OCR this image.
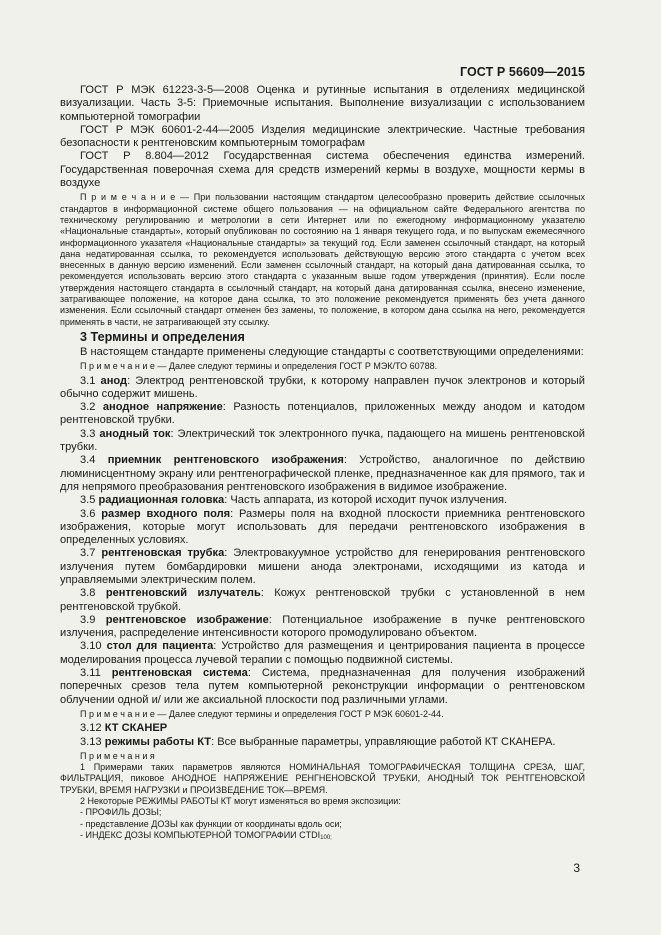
ГОСТ Р 56609—2015

ГОСТ Р МЭК 61223-3-5—2008 Оценка и рутинные испытания в отделениях медицинской визуализации. Часть 3-5: Приемочные испытания. Выполнение визуализации с использованием компьютерной томографии

ГОСТ Р МЭК 60601-2-44—2005 Изделия медицинские электрические. Частные требования безопасности к рентгеновским компьютерным томографам

ГОСТ Р 8.804—2012 Государственная система обеспечения единства измерений. Государственная поверочная схема для средств измерений кермы в воздухе, мощности кермы в воздухе

П р и м е ч а н и е — При пользовании настоящим стандартом целесообразно проверить действие ссылочных стандартов в информационной системе общего пользования — на официальном сайте Федерального агентства по техническому регулированию и метрологии в сети Интернет или по ежегодному информационному указателю «Национальные стандарты», который опубликован по состоянию на 1 января текущего года, и по выпускам ежемесячного информационного указателя «Национальные стандарты» за текущий год. Если заменен ссылочный стандарт, на который дана недатированная ссылка, то рекомендуется использовать действующую версию этого стандарта с учетом всех внесенных в данную версию изменений. Если заменен ссылочный стандарт, на который дана датированная ссылка, то рекомендуется использовать версию этого стандарта с указанным выше годом утверждения (принятия). Если после утверждения настоящего стандарта в ссылочный стандарт, на который дана датированная ссылка, внесено изменение, затрагивающее положение, на которое дана ссылка, то это положение рекомендуется применять без учета данного изменения. Если ссылочный стандарт отменен без замены, то положение, в котором дана ссылка на него, рекомендуется применять в части, не затрагивающей эту ссылку.

3 Термины и определения

В настоящем стандарте применены следующие стандарты с соответствующими определениями:

П р и м е ч а н и е — Далее следуют термины и определения ГОСТ Р МЭК/ТО 60788.

3.1 анод: Электрод рентгеновской трубки, к которому направлен пучок электронов и который обычно содержит мишень.

3.2 анодное напряжение: Разность потенциалов, приложенных между анодом и катодом рентгеновской трубки.

3.3 анодный ток: Электрический ток электронного пучка, падающего на мишень рентгеновской трубки.

3.4 приемник рентгеновского изображения: Устройство, аналогичное по действию люминисцентному экрану или рентгенографической пленке, предназначенное как для прямого, так и для непрямого преобразования рентгеновского изображения в видимое изображение.

3.5 радиационная головка: Часть аппарата, из которой исходит пучок излучения.

3.6 размер входного поля: Размеры поля на входной плоскости приемника рентгеновского изображения, которые могут использовать для передачи рентгеновского изображения в определенных условиях.

3.7 рентгеновская трубка: Электровакуумное устройство для генерирования рентгеновского излучения путем бомбардировки мишени анода электронами, исходящими из катода и управляемыми электрическим полем.

3.8 рентгеновский излучатель: Кожух рентгеновской трубки с установленной в нем рентгеновской трубкой.

3.9 рентгеновское изображение: Потенциальное изображение в пучке рентгеновского излучения, распределение интенсивности которого промодулировано объектом.

3.10 стол для пациента: Устройство для размещения и центрирования пациента в процессе моделирования процесса лучевой терапии с помощью подвижной системы.

3.11 рентгеновская система: Система, предназначенная для получения изображений поперечных срезов тела путем компьютерной реконструкции информации о рентгеновском облучении одной и/ или же аксиальной плоскости под различными углами.

П р и м е ч а н и е — Далее следуют термины и определения ГОСТ Р МЭК 60601-2-44.

3.12 КТ СКАНЕР

3.13 режимы работы КТ: Все выбранные параметры, управляющие работой КТ СКАНЕРА.

П р и м е ч а н и я

1 Примерами таких параметров являются НОМИНАЛЬНАЯ ТОМОГРАФИЧЕСКАЯ ТОЛЩИНА СРЕЗА, ШАГ, ФИЛЬТРАЦИЯ, пиковое АНОДНОЕ НАПРЯЖЕНИЕ РЕНГНЕНОВСКОЙ ТРУБКИ, АНОДНЫЙ ТОК РЕНТГЕНОВСКОЙ ТРУБКИ, ВРЕМЯ НАГРУЗКИ и ПРОИЗВЕДЕНИЕ ТОК—ВРЕМЯ.

2 Некоторые РЕЖИМЫ РАБОТЫ КТ могут изменяться во время экспозиции:

- ПРОФИЛЬ ДОЗЫ;

- представление ДОЗЫ как функции от координаты вдоль оси;

- ИНДЕКС ДОЗЫ КОМПЬЮТЕРНОЙ ТОМОГРАФИИ $CTDI_{100;}$

3
